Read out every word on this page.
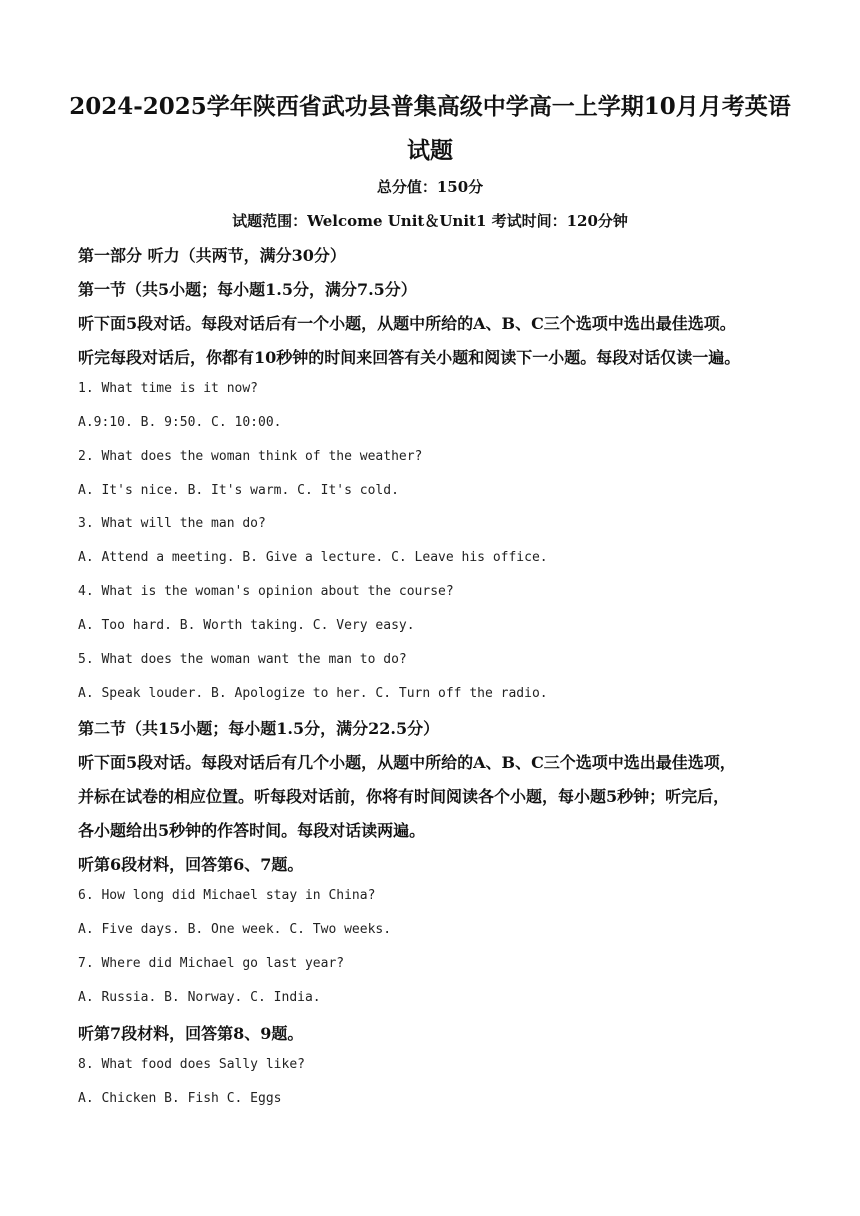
2024-2025学年陕西省武功县普集高级中学高一上学期10月月考英语
试题
总分值：150分
试题范围：Welcome Unit＆Unit1 考试时间：120分钟
第一部分 听力（共两节，满分30分）
第一节（共5小题；每小题1.5分，满分7.5分）
听下面5段对话。每段对话后有一个小题，从题中所给的A、B、C三个选项中选出最佳选项。
听完每段对话后，你都有10秒钟的时间来回答有关小题和阅读下一小题。每段对话仅读一遍。
1. What time is it now?
A.9:10. B. 9:50. C. 10:00.
2. What does the woman think of the weather?
A. It's nice. B. It's warm. C. It's cold.
3. What will the man do?
A. Attend a meeting. B. Give a lecture. C. Leave his office.
4. What is the woman's opinion about the course?
A. Too hard. B. Worth taking. C. Very easy.
5. What does the woman want the man to do?
A. Speak louder. B. Apologize to her. C. Turn off the radio.
第二节（共15小题；每小题1.5分，满分22.5分）
听下面5段对话。每段对话后有几个小题，从题中所给的A、B、C三个选项中选出最佳选项，
并标在试卷的相应位置。听每段对话前，你将有时间阅读各个小题，每小题5秒钟；听完后，
各小题给出5秒钟的作答时间。每段对话读两遍。
听第6段材料，回答第6、7题。
6. How long did Michael stay in China?
A. Five days. B. One week. C. Two weeks.
7. Where did Michael go last year?
A. Russia. B. Norway. C. India.
听第7段材料，回答第8、9题。
8. What food does Sally like?
A. Chicken B. Fish C. Eggs
